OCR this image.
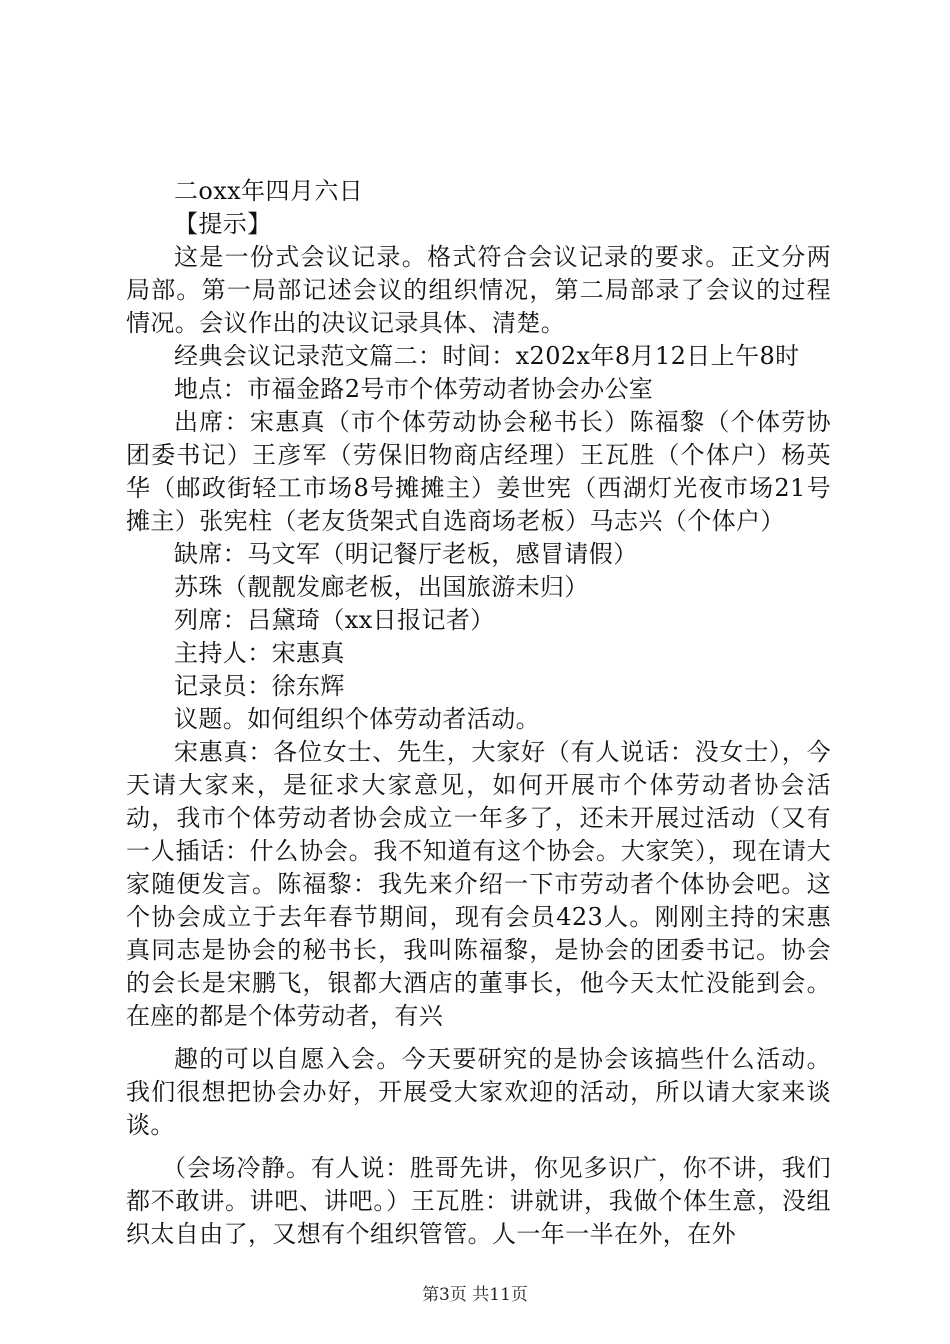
二oxx年四月六日

【提示】

这是一份式会议记录。格式符合会议记录的要求。正文分两局部。第一局部记述会议的组织情况，第二局部录了会议的过程情况。会议作出的决议记录具体、清楚。

经典会议记录范文篇二：时间：x202x年8月12日上午8时

地点：市福金路2号市个体劳动者协会办公室

出席：宋惠真（市个体劳动协会秘书长）陈福黎（个体劳协团委书记）王彦军（劳保旧物商店经理）王瓦胜（个体户）杨英华（邮政街轻工市场8号摊摊主）姜世宪（西湖灯光夜市场21号摊主）张宪柱（老友货架式自选商场老板）马志兴（个体户）

缺席：马文军（明记餐厅老板，感冒请假）

苏珠（靓靓发廊老板，出国旅游未归）

列席：吕黛琦（xx日报记者）

主持人：宋惠真

记录员：徐东辉

议题。如何组织个体劳动者活动。

宋惠真：各位女士、先生，大家好（有人说话：没女士），今天请大家来，是征求大家意见，如何开展市个体劳动者协会活动，我市个体劳动者协会成立一年多了，还未开展过活动（又有一人插话：什么协会。我不知道有这个协会。大家笑），现在请大家随便发言。陈福黎：我先来介绍一下市劳动者个体协会吧。这个协会成立于去年春节期间，现有会员423人。刚刚主持的宋惠真同志是协会的秘书长，我叫陈福黎，是协会的团委书记。协会的会长是宋鹏飞，银都大酒店的董事长，他今天太忙没能到会。在座的都是个体劳动者，有兴

趣的可以自愿入会。今天要研究的是协会该搞些什么活动。我们很想把协会办好，开展受大家欢迎的活动，所以请大家来谈谈。

（会场冷静。有人说：胜哥先讲，你见多识广，你不讲，我们都不敢讲。讲吧、讲吧。）王瓦胜：讲就讲，我做个体生意，没组织太自由了，又想有个组织管管。人一年一半在外，在外

第3页 共11页
